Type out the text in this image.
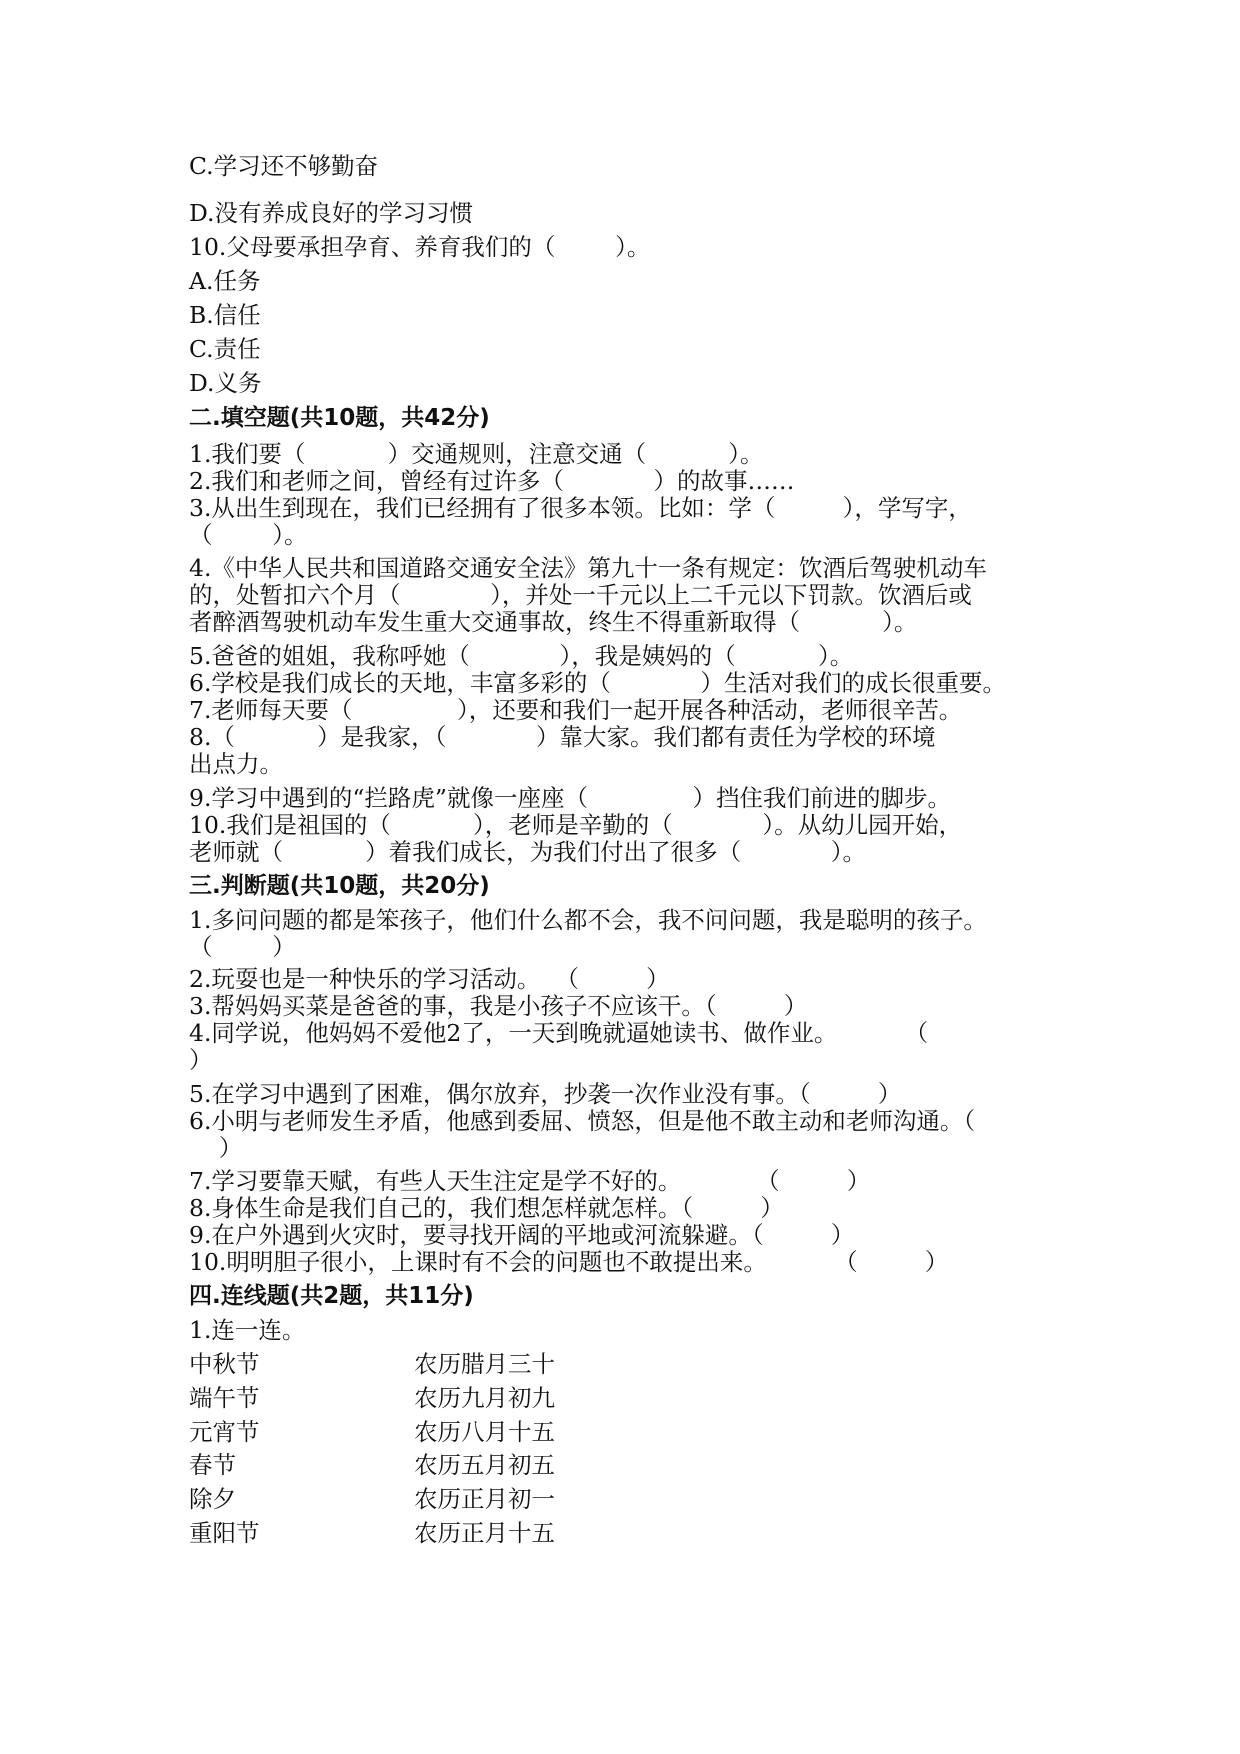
C.学习还不够勤奋
D.没有养成良好的学习习惯
10.父母要承担孕育、养育我们的（        ）。
A.任务
B.信任
C.责任
D.义务
二.填空题(共10题，共42分)
1.我们要（           ）交通规则，注意交通（           ）。
2.我们和老师之间，曾经有过许多（            ）的故事……
3.从出生到现在，我们已经拥有了很多本领。比如：学（         ），学写字，
（        ）。
4.《中华人民共和国道路交通安全法》第九十一条有规定：饮酒后驾驶机动车
的，处暂扣六个月（            ），并处一千元以上二千元以下罚款。饮酒后或
者醉酒驾驶机动车发生重大交通事故，终生不得重新取得（           ）。
5.爸爸的姐姐，我称呼她（            ），我是姨妈的（           ）。
6.学校是我们成长的天地，丰富多彩的（            ）生活对我们的成长很重要。
7.老师每天要（              ），还要和我们一起开展各种活动，老师很辛苦。
8.（           ）是我家，（            ）靠大家。我们都有责任为学校的环境
出点力。
9.学习中遇到的“拦路虎”就像一座座（              ）挡住我们前进的脚步。
10.我们是祖国的（           ），老师是辛勤的（            ）。从幼儿园开始，
老师就（           ）着我们成长，为我们付出了很多（            ）。
三.判断题(共10题，共20分)
1.多问问题的都是笨孩子，他们什么都不会，我不问问题，我是聪明的孩子。
（        ）
2.玩耍也是一种快乐的学习活动。  （         ）
3.帮妈妈买菜是爸爸的事，我是小孩子不应该干。（         ）
4.同学说，他妈妈不爱他2了，一天到晚就逼她读书、做作业。         （
）
5.在学习中遇到了困难，偶尔放弃，抄袭一次作业没有事。（         ）
6.小明与老师发生矛盾，他感到委屈、愤怒，但是他不敢主动和老师沟通。（
）
7.学习要靠天赋，有些人天生注定是学不好的。          （         ）
8.身体生命是我们自己的，我们想怎样就怎样。（         ）
9.在户外遇到火灾时，要寻找开阔的平地或河流躲避。（         ）
10.明明胆子很小，上课时有不会的问题也不敢提出来。         （         ）
四.连线题(共2题，共11分)
1.连一连。
中秋节	农历腊月三十
端午节	农历九月初九
元宵节	农历八月十五
春节	农历五月初五
除夕	农历正月初一
重阳节	农历正月十五
